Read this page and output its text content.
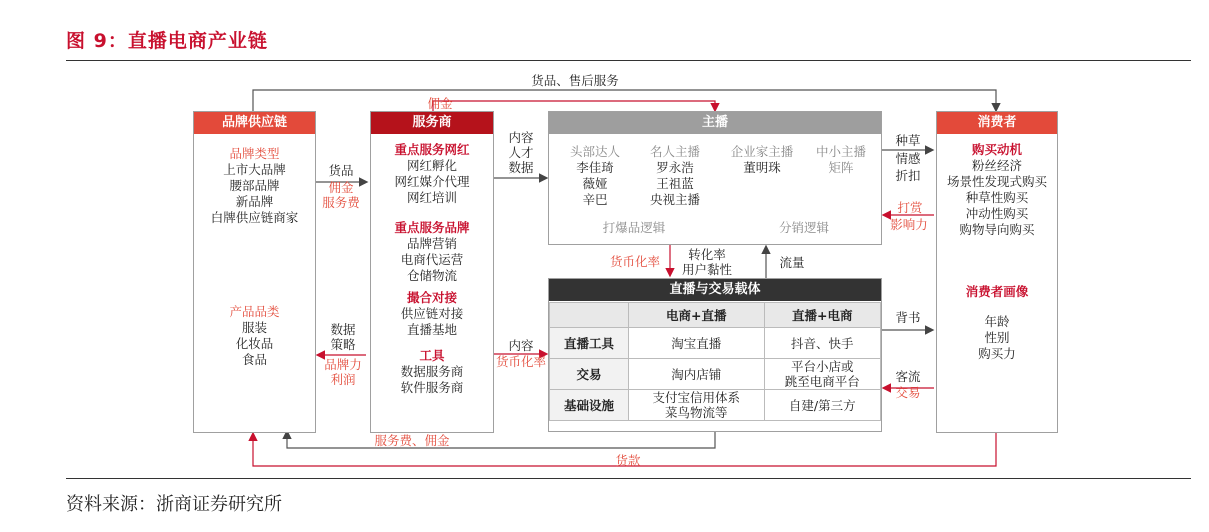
图 9：直播电商产业链
资料来源：浙商证券研究所
货品、售后服务
佣金
服务费、佣金
货款
货品
佣金
服务费
数据
策略
品牌力
利润
内容
人才
数据
内容
货币化率
货币化率	转化率
用户黏性	流量
种草
情感
折扣
打赏
影响力
背书
客流
交易
品牌供应链
品牌类型
上市大品牌
腰部品牌
新品牌
白牌供应链商家
产品品类
服装
化妆品
食品
服务商
重点服务网红
网红孵化
网红媒介代理
网红培训
重点服务品牌
品牌营销
电商代运营
仓储物流
撮合对接
供应链对接
直播基地
工具
数据服务商
软件服务商
主播
头部达人
李佳琦
薇娅
辛巴
名人主播
罗永浩
王祖蓝
央视主播
企业家主播
董明珠
中小主播
矩阵
打爆品逻辑	分销逻辑
直播与交易载体
	电商+直播	直播+电商
直播工具	淘宝直播	抖音、快手
交易	淘内店铺	平台小店或
跳至电商平台

基础设施	支付宝信用体系
菜鸟物流等	自建/第三方
消费者
购买动机
粉丝经济
场景性发现式购买
种草性购买
冲动性购买
购物导向购买
消费者画像
年龄
性别
购买力
